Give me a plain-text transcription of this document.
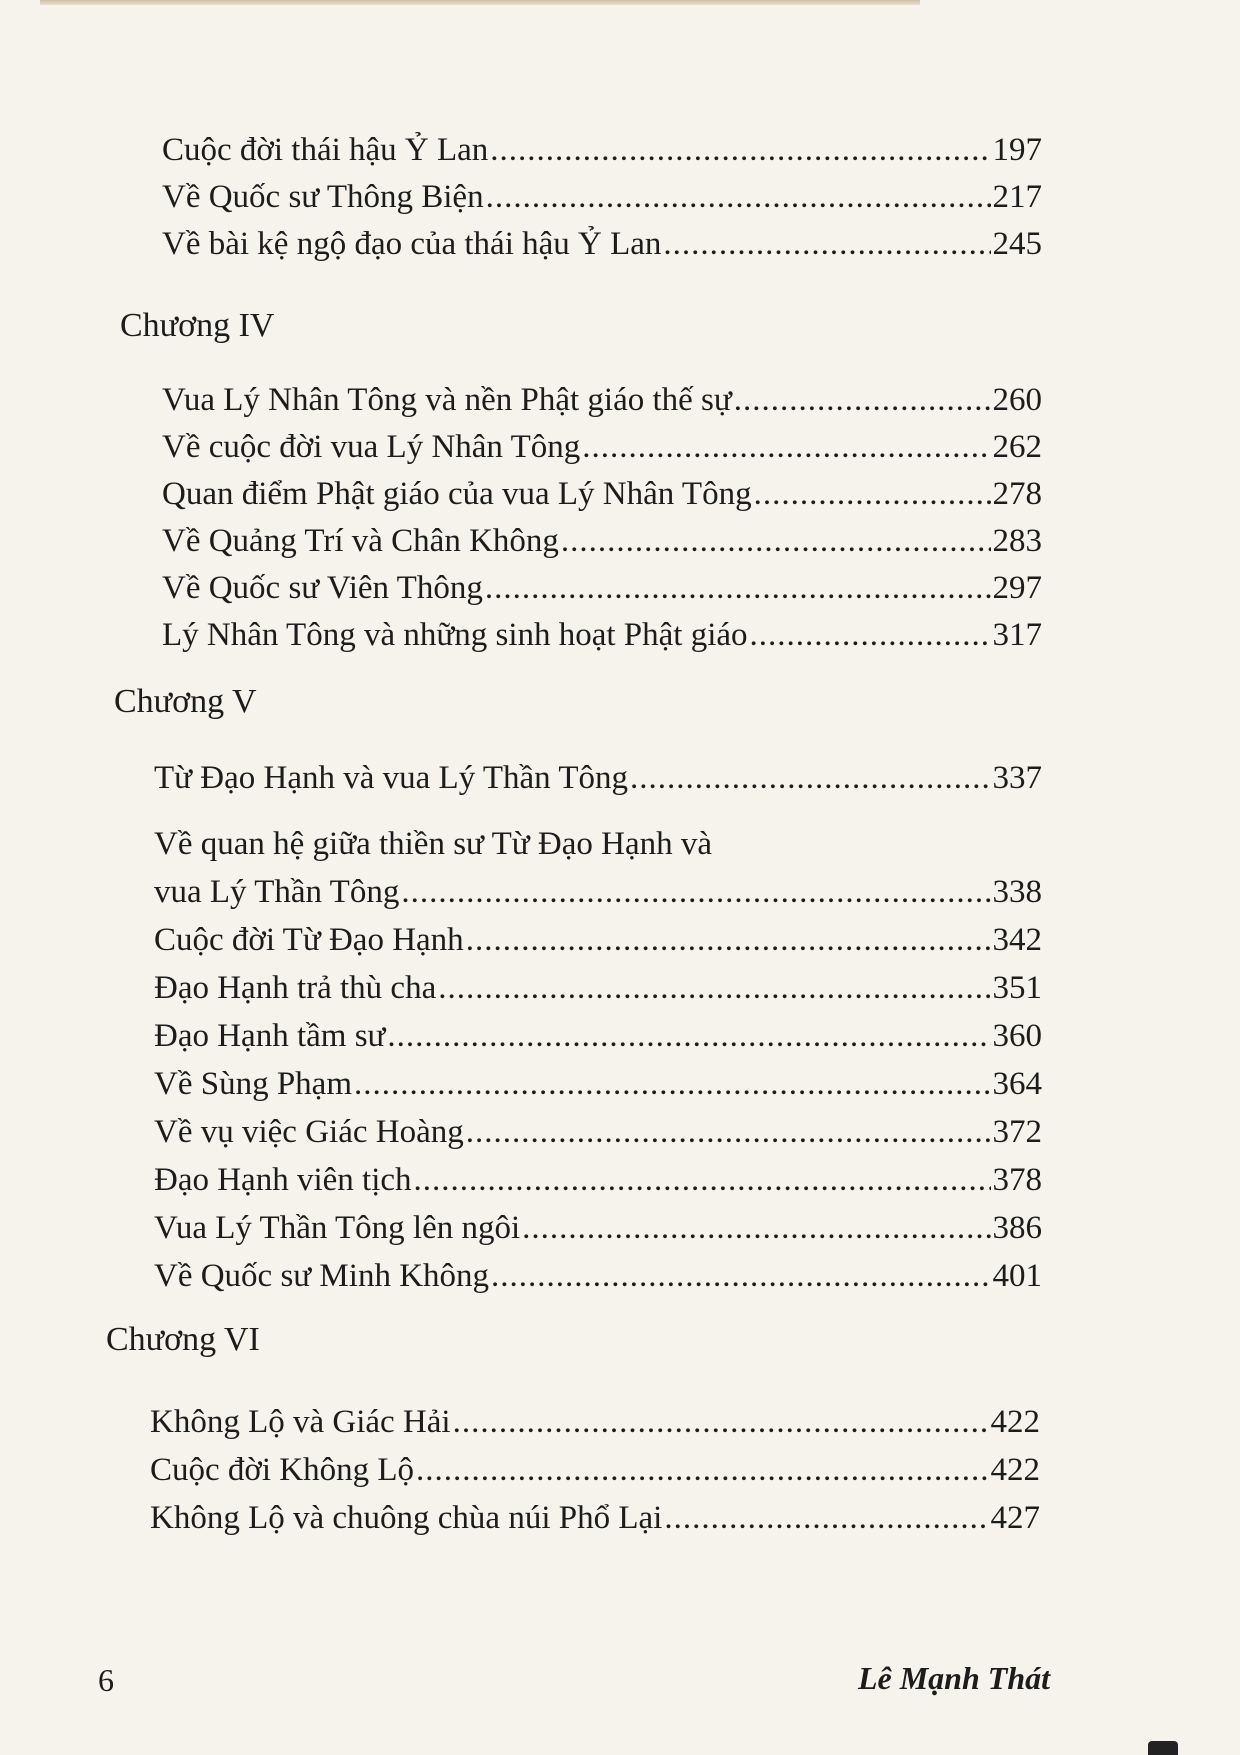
Cuộc đời thái hậu Ỷ Lan .....	197
Về Quốc sư Thông Biện .....	217
Về bài kệ ngộ đạo của thái hậu Ỷ Lan .....	245
Chương IV
Vua Lý Nhân Tông và nền Phật giáo thế sự .....	260
Về cuộc đời vua Lý Nhân Tông .....	262
Quan điểm Phật giáo của vua Lý Nhân Tông .....	278
Về Quảng Trí và Chân Không .....	283
Về Quốc sư Viên Thông .....	297
Lý Nhân Tông và những sinh hoạt Phật giáo .....	317
Chương V
Từ Đạo Hạnh và vua Lý Thần Tông .....	337
Về quan hệ giữa thiền sư Từ Đạo Hạnh và
vua Lý Thần Tông .....	338
Cuộc đời Từ Đạo Hạnh .....	342
Đạo Hạnh trả thù cha .....	351
Đạo Hạnh tầm sư .....	360
Về Sùng Phạm .....	364
Về vụ việc Giác Hoàng .....	372
Đạo Hạnh viên tịch .....	378
Vua Lý Thần Tông lên ngôi .....	386
Về Quốc sư Minh Không .....	401
Chương VI
Không Lộ và Giác Hải .....	422
Cuộc đời Không Lộ .....	422
Không Lộ và chuông chùa núi Phổ Lại .....	427
6	Lê Mạnh Thát
